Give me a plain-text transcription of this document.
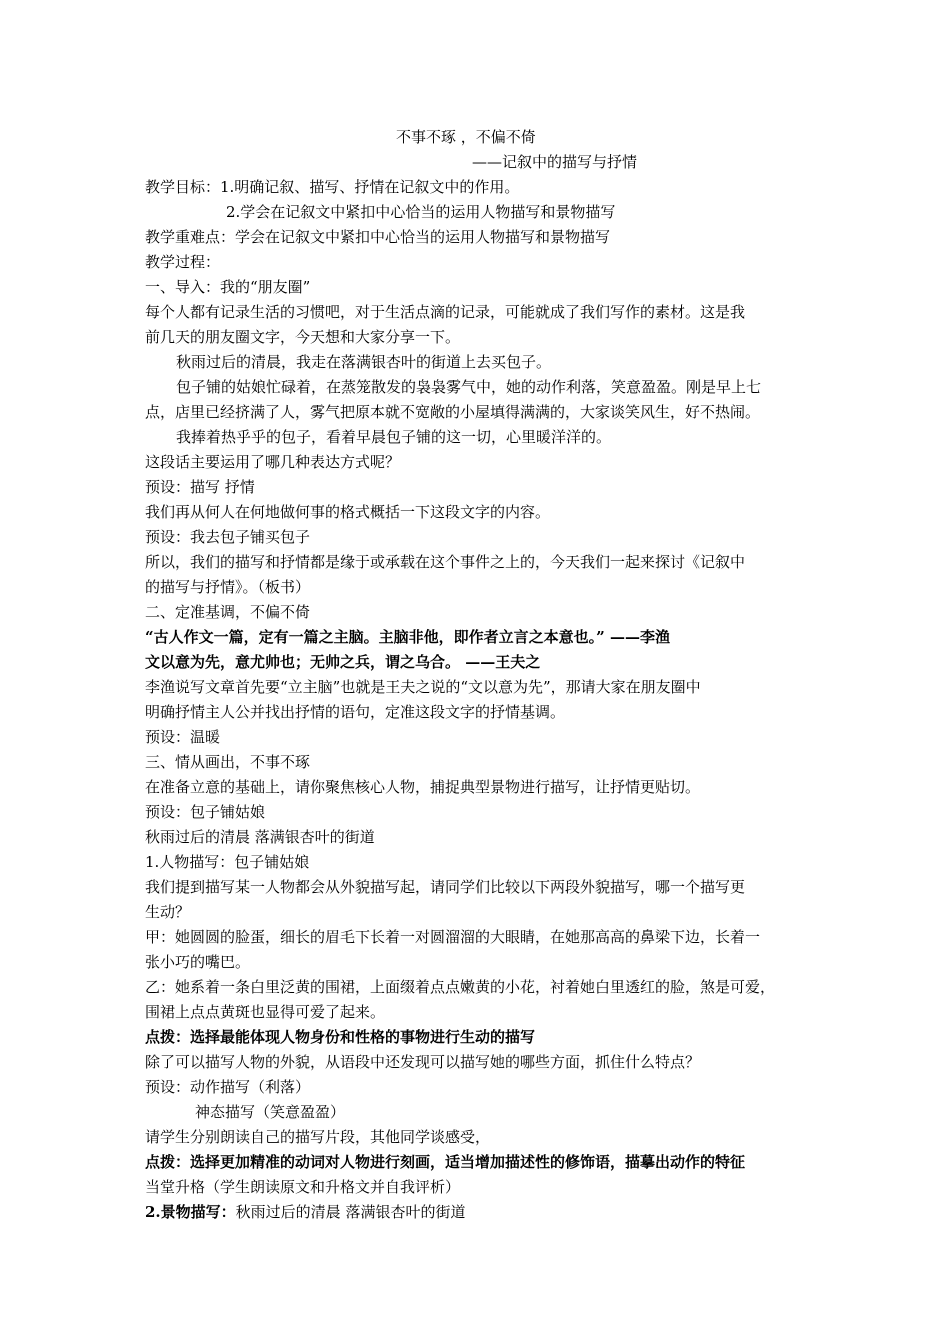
不事不琢 ，不偏不倚
——记叙中的描写与抒情
教学目标：1.明确记叙、描写、抒情在记叙文中的作用。
2.学会在记叙文中紧扣中心恰当的运用人物描写和景物描写
教学重难点：学会在记叙文中紧扣中心恰当的运用人物描写和景物描写
教学过程：
一、导入：我的“朋友圈”
每个人都有记录生活的习惯吧，对于生活点滴的记录，可能就成了我们写作的素材。这是我
前几天的朋友圈文字，今天想和大家分享一下。
秋雨过后的清晨，我走在落满银杏叶的街道上去买包子。
包子铺的姑娘忙碌着，在蒸笼散发的袅袅雾气中，她的动作利落，笑意盈盈。刚是早上七
点，店里已经挤满了人，雾气把原本就不宽敞的小屋填得满满的，大家谈笑风生，好不热闹。
我捧着热乎乎的包子，看着早晨包子铺的这一切，心里暖洋洋的。
这段话主要运用了哪几种表达方式呢？
预设：描写 抒情
我们再从何人在何地做何事的格式概括一下这段文字的内容。
预设：我去包子铺买包子
所以，我们的描写和抒情都是缘于或承载在这个事件之上的，今天我们一起来探讨《记叙中
的描写与抒情》。（板书）
二、定准基调，不偏不倚
“古人作文一篇，定有一篇之主脑。主脑非他，即作者立言之本意也。” ——李渔
文以意为先，意尤帅也；无帅之兵，谓之乌合。 ——王夫之
李渔说写文章首先要“立主脑”也就是王夫之说的“文以意为先”，那请大家在朋友圈中
明确抒情主人公并找出抒情的语句，定准这段文字的抒情基调。
预设：温暖
三、情从画出，不事不琢
在准备立意的基础上，请你聚焦核心人物，捕捉典型景物进行描写，让抒情更贴切。
预设：包子铺姑娘
秋雨过后的清晨 落满银杏叶的街道
1.人物描写：包子铺姑娘
我们提到描写某一人物都会从外貌描写起，请同学们比较以下两段外貌描写，哪一个描写更
生动？
甲：她圆圆的脸蛋，细长的眉毛下长着一对圆溜溜的大眼睛，在她那高高的鼻梁下边，长着一
张小巧的嘴巴。
乙：她系着一条白里泛黄的围裙，上面缀着点点嫩黄的小花，衬着她白里透红的脸，煞是可爱，
围裙上点点黄斑也显得可爱了起来。
点拨：选择最能体现人物身份和性格的事物进行生动的描写
除了可以描写人物的外貌，从语段中还发现可以描写她的哪些方面，抓住什么特点？
预设：动作描写（利落）
神态描写（笑意盈盈）
请学生分别朗读自己的描写片段，其他同学谈感受，
点拨：选择更加精准的动词对人物进行刻画，适当增加描述性的修饰语，描摹出动作的特征
当堂升格（学生朗读原文和升格文并自我评析）
2.景物描写：秋雨过后的清晨 落满银杏叶的街道
